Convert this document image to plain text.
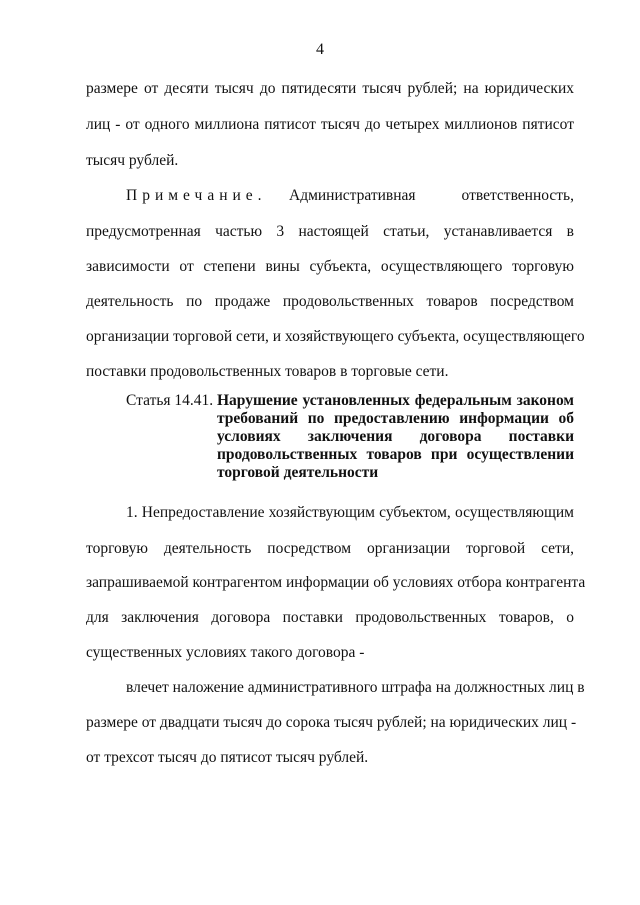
4
размере от десяти тысяч до пятидесяти тысяч рублей; на юридических
лиц - от одного миллиона пятисот тысяч до четырех миллионов пятисот
тысяч рублей.
Примечание.	Административная ответственность,
предусмотренная частью 3 настоящей статьи, устанавливается в
зависимости от степени вины субъекта, осуществляющего торговую
деятельность по продаже продовольственных товаров посредством
организации торговой сети, и хозяйствующего субъекта, осуществляющего
поставки продовольственных товаров в торговые сети.
Статья 14.41. Нарушение установленных федеральным законом
требований по предоставлению информации об
условиях заключения договора поставки
продовольственных товаров при осуществлении
торговой деятельности
1. Непредоставление хозяйствующим субъектом, осуществляющим
торговую деятельность посредством организации торговой сети,
запрашиваемой контрагентом информации об условиях отбора контрагента
для заключения договора поставки продовольственных товаров, о
существенных условиях такого договора -
влечет наложение административного штрафа на должностных лиц в
размере от двадцати тысяч до сорока тысяч рублей; на юридических лиц -
от трехсот тысяч до пятисот тысяч рублей.
